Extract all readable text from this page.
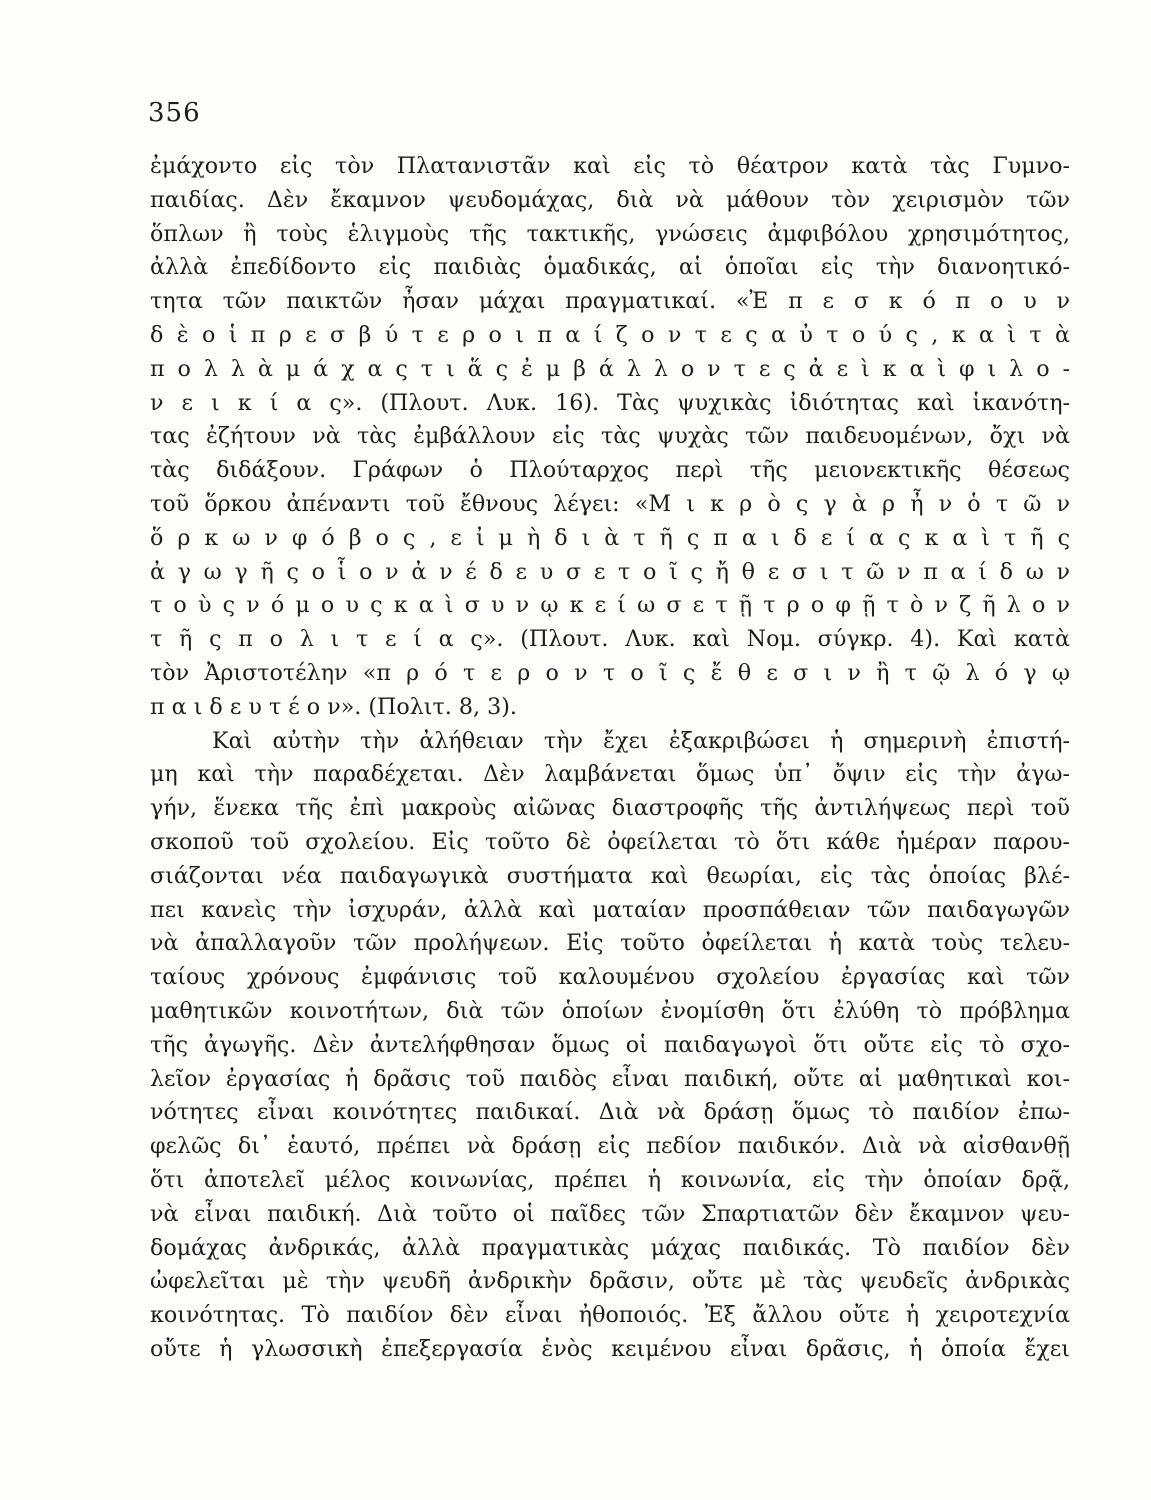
356
ἐμάχοντο εἰς τὸν Πλατανιστᾶν καὶ εἰς τὸ θέατρον κατὰ τὰς Γυμνο-
παιδίας. Δὲν ἔκαμνον ψευδομάχας, διὰ νὰ μάθουν τὸν χειρισμὸν τῶν
ὅπλων ἢ τοὺς ἑλιγμοὺς τῆς τακτικῆς, γνώσεις ἀμφιβόλου χρησιμότητος,
ἀλλὰ ἐπεδίδοντο εἰς παιδιὰς ὁμαδικάς, αἱ ὁποῖαι εἰς τὴν διανοητικό-
τητα τῶν παικτῶν ἦσαν μάχαι πραγματικαί. «Ἐ π ε σ κ ό π ο υ ν
δ ὲ ο ἱ π ρ ε σ β ύ τ ε ρ ο ι π α ί ζ ο ν τ ε ς α ὐ τ ο ύ ς , κ α ὶ τ ὰ
π ο λ λ ὰ μ ά χ α ς τ ι ἅ ς ἐ μ β ά λ λ ο ν τ ε ς ἀ ε ὶ κ α ὶ φ ι λ ο -
ν ε ι κ ί α ς». (Πλουτ. Λυκ. 16). Τὰς ψυχικὰς ἰδιότητας καὶ ἱκανότη-
τας ἐζήτουν νὰ τὰς ἐμβάλλουν εἰς τὰς ψυχὰς τῶν παιδευομένων, ὄχι νὰ
τὰς διδάξουν. Γράφων ὁ Πλούταρχος περὶ τῆς μειονεκτικῆς θέσεως
τοῦ ὅρκου ἀπέναντι τοῦ ἔθνους λέγει: «Μ ι κ ρ ὸ ς γ ὰ ρ ἦ ν ὁ τ ῶ ν
ὅ ρ κ ω ν φ ό β ο ς , ε ἰ μ ὴ δ ι ὰ τ ῆ ς π α ι δ ε ί α ς κ α ὶ τ ῆ ς
ἀ γ ω γ ῆ ς ο ἷ ο ν ἀ ν έ δ ε υ σ ε τ ο ῖ ς ἤ θ ε σ ι τ ῶ ν π α ί δ ω ν
τ ο ὺ ς ν ό μ ο υ ς κ α ὶ σ υ ν ῳ κ ε ί ω σ ε τ ῇ τ ρ ο φ ῇ τ ὸ ν ζ ῆ λ ο ν
τ ῆ ς π ο λ ι τ ε ί α ς». (Πλουτ. Λυκ. καὶ Νομ. σύγκρ. 4). Καὶ κατὰ
τὸν Ἀριστοτέλην «π ρ ό τ ε ρ ο ν τ ο ῖ ς ἔ θ ε σ ι ν ἢ τ ῷ λ ό γ ῳ
π α ι δ ε υ τ έ ο ν». (Πολιτ. 8, 3).
Καὶ αὐτὴν τὴν ἀλήθειαν τὴν ἔχει ἐξακριβώσει ἡ σημερινὴ ἐπιστή-
μη καὶ τὴν παραδέχεται. Δὲν λαμβάνεται ὅμως ὑπ᾽ ὄψιν εἰς τὴν ἀγω-
γήν, ἕνεκα τῆς ἐπὶ μακροὺς αἰῶνας διαστροφῆς τῆς ἀντιλήψεως περὶ τοῦ
σκοποῦ τοῦ σχολείου. Εἰς τοῦτο δὲ ὀφείλεται τὸ ὅτι κάθε ἡμέραν παρου-
σιάζονται νέα παιδαγωγικὰ συστήματα καὶ θεωρίαι, εἰς τὰς ὁποίας βλέ-
πει κανεὶς τὴν ἰσχυράν, ἀλλὰ καὶ ματαίαν προσπάθειαν τῶν παιδαγωγῶν
νὰ ἀπαλλαγοῦν τῶν προλήψεων. Εἰς τοῦτο ὀφείλεται ἡ κατὰ τοὺς τελευ-
ταίους χρόνους ἐμφάνισις τοῦ καλουμένου σχολείου ἐργασίας καὶ τῶν
μαθητικῶν κοινοτήτων, διὰ τῶν ὁποίων ἐνομίσθη ὅτι ἐλύθη τὸ πρόβλημα
τῆς ἀγωγῆς. Δὲν ἀντελήφθησαν ὅμως οἱ παιδαγωγοὶ ὅτι οὔτε εἰς τὸ σχο-
λεῖον ἐργασίας ἡ δρᾶσις τοῦ παιδὸς εἶναι παιδική, οὔτε αἱ μαθητικαὶ κοι-
νότητες εἶναι κοινότητες παιδικαί. Διὰ νὰ δράσῃ ὅμως τὸ παιδίον ἐπω-
φελῶς δι᾽ ἑαυτό, πρέπει νὰ δράσῃ εἰς πεδίον παιδικόν. Διὰ νὰ αἰσθανθῇ
ὅτι ἀποτελεῖ μέλος κοινωνίας, πρέπει ἡ κοινωνία, εἰς τὴν ὁποίαν δρᾷ,
νὰ εἶναι παιδική. Διὰ τοῦτο οἱ παῖδες τῶν Σπαρτιατῶν δὲν ἔκαμνον ψευ-
δομάχας ἀνδρικάς, ἀλλὰ πραγματικὰς μάχας παιδικάς. Τὸ παιδίον δὲν
ὠφελεῖται μὲ τὴν ψευδῆ ἀνδρικὴν δρᾶσιν, οὔτε μὲ τὰς ψευδεῖς ἀνδρικὰς
κοινότητας. Τὸ παιδίον δὲν εἶναι ἠθοποιός. Ἐξ ἄλλου οὔτε ἡ χειροτεχνία
οὔτε ἡ γλωσσικὴ ἐπεξεργασία ἑνὸς κειμένου εἶναι δρᾶσις, ἡ ὁποία ἔχει
